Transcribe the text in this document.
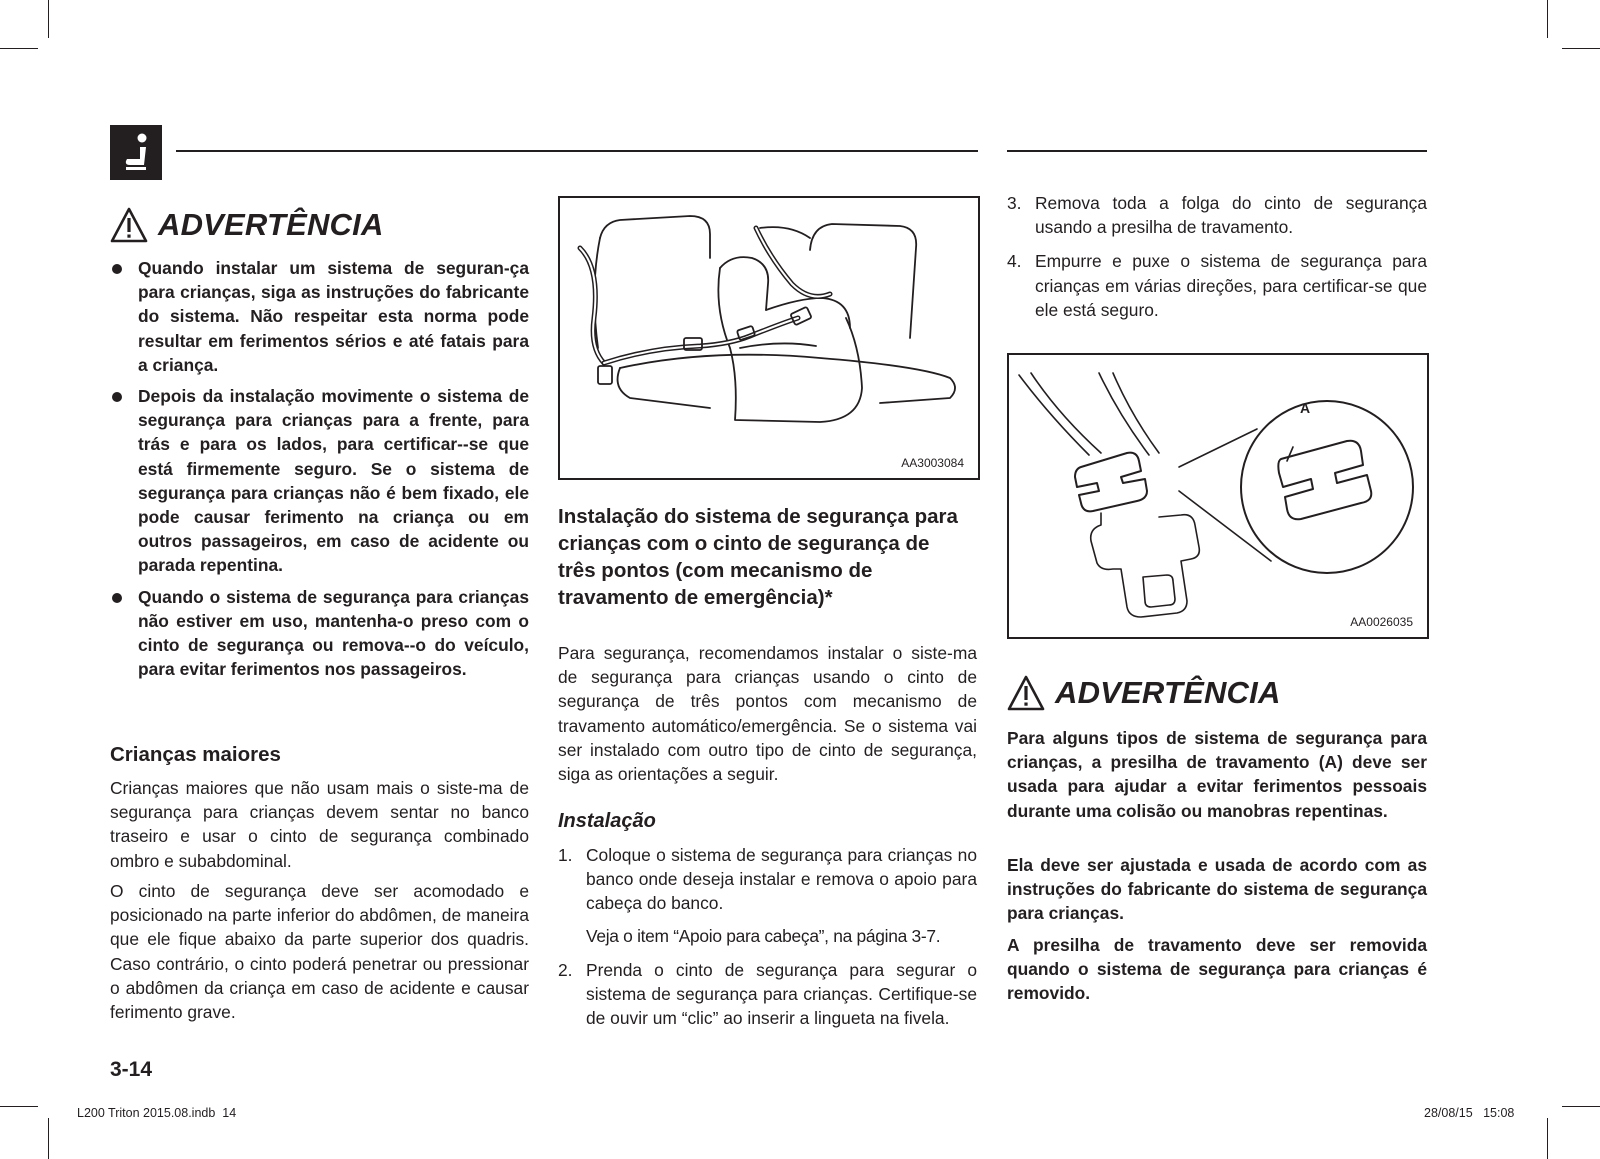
ADVERTÊNCIA
Quando instalar um sistema de seguran-ça para crianças, siga as instruções do fabricante do sistema. Não respeitar esta norma pode resultar em ferimentos sérios e até fatais para a criança.
Depois da instalação movimente o sistema de segurança para crianças para a frente, para trás e para os lados, para certificar--se que está firmemente seguro. Se o sistema de segurança para crianças não é bem fixado, ele pode causar ferimento na criança ou em outros passageiros, em caso de acidente ou parada repentina.
Quando o sistema de segurança para crianças não estiver em uso, mantenha-o preso com o cinto de segurança ou remova--o do veículo, para evitar ferimentos nos passageiros.
Crianças maiores

Crianças maiores que não usam mais o siste-ma de segurança para crianças devem sentar no banco traseiro e usar o cinto de segurança combinado ombro e subabdominal.

O cinto de segurança deve ser acomodado e posicionado na parte inferior do abdômen, de maneira que ele fique abaixo da parte superior dos quadris. Caso contrário, o cinto poderá penetrar ou pressionar o abdômen da criança em caso de acidente e causar ferimento grave.

3-14
AA3003084
Instalação do sistema de segurança para crianças com o cinto de segurança de três pontos (com mecanismo de travamento de emergência)*

Para segurança, recomendamos instalar o siste-ma de segurança para crianças usando o cinto de segurança de três pontos com mecanismo de travamento automático/emergência. Se o sistema vai ser instalado com outro tipo de cinto de segurança, siga as orientações a seguir.

Instalação
1. Coloque o sistema de segurança para crianças no banco onde deseja instalar e remova o apoio para cabeça do banco.
Veja o item “Apoio para cabeça”, na página 3-7.
2. Prenda o cinto de segurança para segurar o sistema de segurança para crianças. Certifique-se de ouvir um “clic” ao inserir a lingueta na fivela.
3. Remova toda a folga do cinto de segurança usando a presilha de travamento.
4. Empurre e puxe o sistema de segurança para crianças em várias direções, para certificar-se que ele está seguro.
A
AA0026035
ADVERTÊNCIA

Para alguns tipos de sistema de segurança para crianças, a presilha de travamento (A) deve ser usada para ajudar a evitar ferimentos pessoais durante uma colisão ou manobras repentinas.

Ela deve ser ajustada e usada de acordo com as instruções do fabricante do sistema de segurança para crianças.

A presilha de travamento deve ser removida quando o sistema de segurança para crianças é removido.

L200 Triton 2015.08.indb 14	28/08/15 15:08
